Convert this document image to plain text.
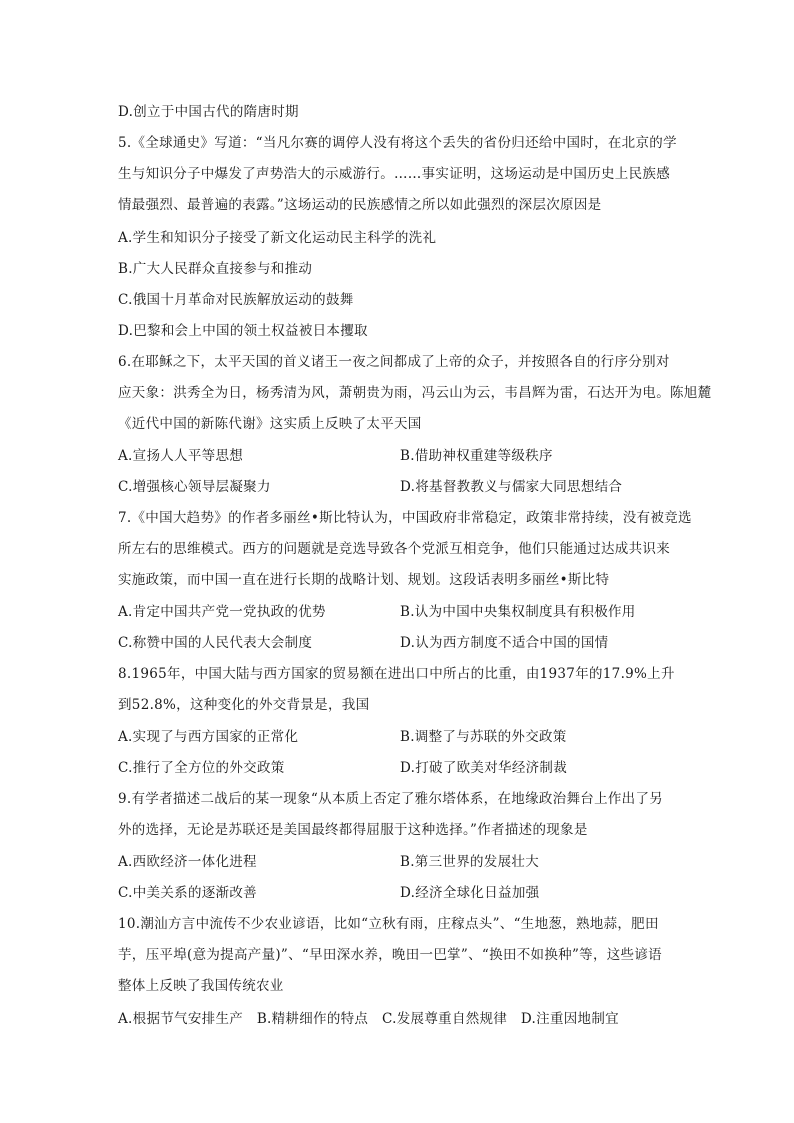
D.创立于中国古代的隋唐时期
5.《全球通史》写道：“当凡尔赛的调停人没有将这个丢失的省份归还给中国时，在北京的学
生与知识分子中爆发了声势浩大的示威游行。……事实证明，这场运动是中国历史上民族感
情最强烈、最普遍的表露。”这场运动的民族感情之所以如此强烈的深层次原因是
A.学生和知识分子接受了新文化运动民主科学的洗礼
B.广大人民群众直接参与和推动
C.俄国十月革命对民族解放运动的鼓舞
D.巴黎和会上中国的领土权益被日本攫取
6.在耶稣之下，太平天国的首义诸王一夜之间都成了上帝的众子，并按照各自的行序分别对
应天象：洪秀全为日，杨秀清为风，萧朝贵为雨，冯云山为云，韦昌辉为雷，石达开为电。陈旭麓
《近代中国的新陈代谢》这实质上反映了太平天国
A.宣扬人人平等思想	B.借助神权重建等级秩序
C.增强核心领导层凝聚力	D.将基督教教义与儒家大同思想结合
7.《中国大趋势》的作者多丽丝•斯比特认为，中国政府非常稳定，政策非常持续，没有被竞选
所左右的思维模式。西方的问题就是竞选导致各个党派互相竞争，他们只能通过达成共识来
实施政策，而中国一直在进行长期的战略计划、规划。这段话表明多丽丝•斯比特
A.肯定中国共产党一党执政的优势	B.认为中国中央集权制度具有积极作用
C.称赞中国的人民代表大会制度	D.认为西方制度不适合中国的国情
8.1965年，中国大陆与西方国家的贸易额在进出口中所占的比重，由1937年的17.9%上升
到52.8%，这种变化的外交背景是，我国
A.实现了与西方国家的正常化	B.调整了与苏联的外交政策
C.推行了全方位的外交政策	D.打破了欧美对华经济制裁
9.有学者描述二战后的某一现象“从本质上否定了雅尔塔体系，在地缘政治舞台上作出了另
外的选择，无论是苏联还是美国最终都得屈服于这种选择。”作者描述的现象是
A.西欧经济一体化进程	B.第三世界的发展壮大
C.中美关系的逐渐改善	D.经济全球化日益加强
10.潮汕方言中流传不少农业谚语，比如“立秋有雨，庄稼点头”、“生地葱，熟地蒜，肥田
芋，压平埠(意为提高产量)”、“早田深水养，晚田一巴掌”、“换田不如换种”等，这些谚语
整体上反映了我国传统农业
A.根据节气安排生产   B.精耕细作的特点   C.发展尊重自然规律   D.注重因地制宜
